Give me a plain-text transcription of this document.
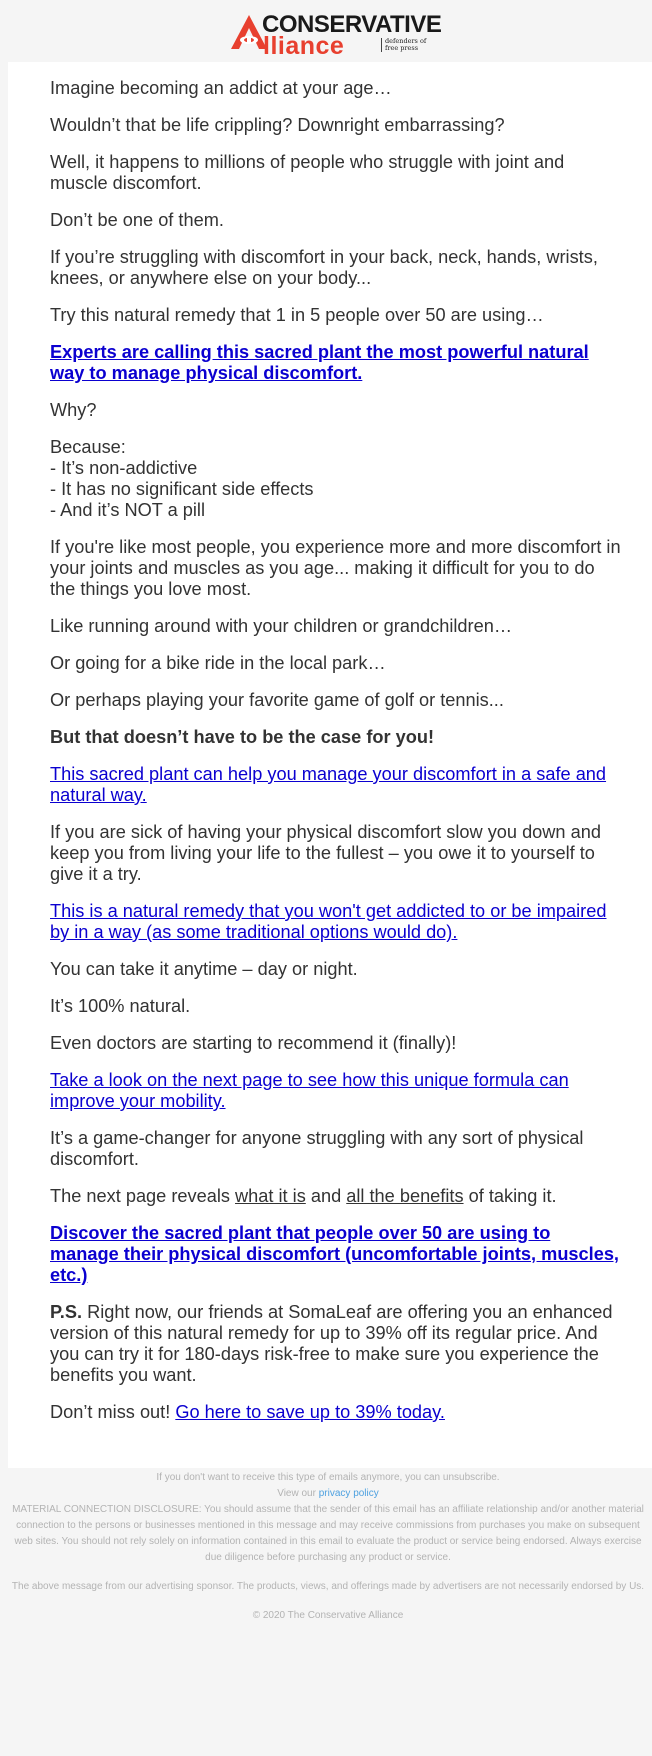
CONSERVATIVE
lliance	defenders of free press

Imagine becoming an addict at your age…

Wouldn’t that be life crippling? Downright embarrassing?

Well, it happens to millions of people who struggle with joint and muscle discomfort.

Don’t be one of them.

If you’re struggling with discomfort in your back, neck, hands, wrists, knees, or anywhere else on your body...

Try this natural remedy that 1 in 5 people over 50 are using…

Experts are calling this sacred plant the most powerful natural way to manage physical discomfort.

Why?

Because:
- It’s non-addictive
- It has no significant side effects
- And it’s NOT a pill

If you're like most people, you experience more and more discomfort in your joints and muscles as you age... making it difficult for you to do the things you love most.

Like running around with your children or grandchildren…

Or going for a bike ride in the local park…

Or perhaps playing your favorite game of golf or tennis...

But that doesn’t have to be the case for you!

This sacred plant can help you manage your discomfort in a safe and natural way.

If you are sick of having your physical discomfort slow you down and keep you from living your life to the fullest – you owe it to yourself to give it a try.

This is a natural remedy that you won't get addicted to or be impaired by in a way (as some traditional options would do).

You can take it anytime – day or night.

It’s 100% natural.

Even doctors are starting to recommend it (finally)!

Take a look on the next page to see how this unique formula can improve your mobility.

It’s a game-changer for anyone struggling with any sort of physical discomfort.

The next page reveals what it is and all the benefits of taking it.

Discover the sacred plant that people over 50 are using to manage their physical discomfort (uncomfortable joints, muscles, etc.)

P.S. Right now, our friends at SomaLeaf are offering you an enhanced version of this natural remedy for up to 39% off its regular price. And you can try it for 180-days risk-free to make sure you experience the benefits you want.

Don’t miss out! Go here to save up to 39% today.

If you don't want to receive this type of emails anymore, you can unsubscribe.

View our privacy policy

MATERIAL CONNECTION DISCLOSURE: You should assume that the sender of this email has an affiliate relationship and/or another material connection to the persons or businesses mentioned in this message and may receive commissions from purchases you make on subsequent web sites. You should not rely solely on information contained in this email to evaluate the product or service being endorsed. Always exercise due diligence before purchasing any product or service.

The above message from our advertising sponsor. The products, views, and offerings made by advertisers are not necessarily endorsed by Us.

© 2020 The Conservative Alliance
